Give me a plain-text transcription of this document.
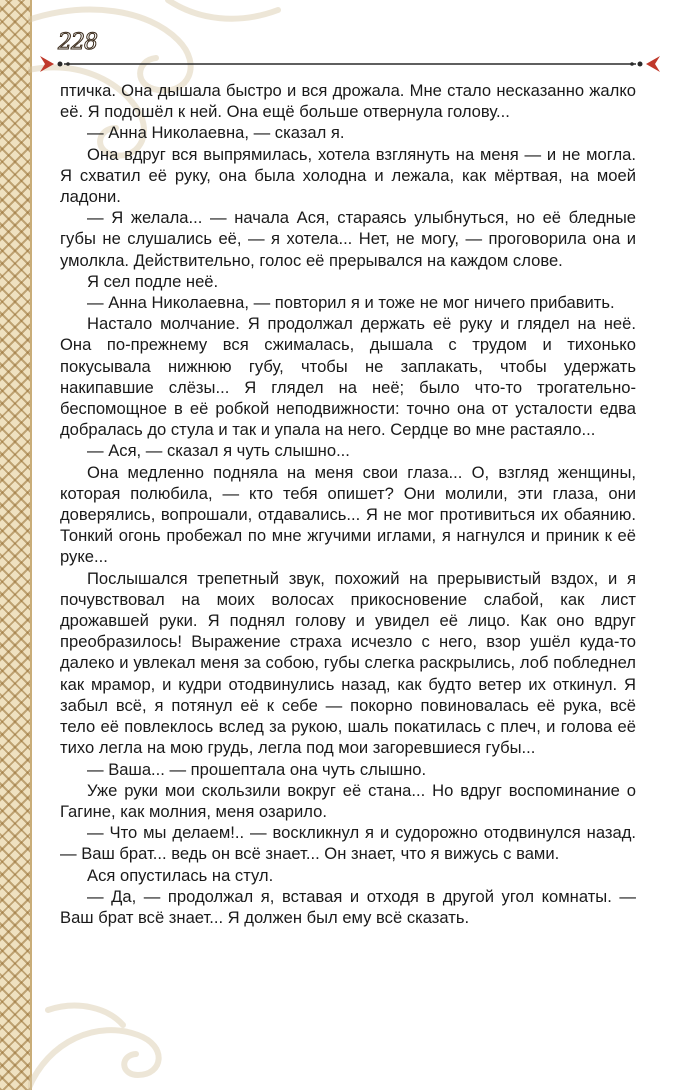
228

птичка. Она дышала быстро и вся дрожала. Мне стало несказанно жалко её. Я подошёл к ней. Она ещё больше отвернула голову...

— Анна Николаевна, — сказал я.

Она вдруг вся выпрямилась, хотела взглянуть на меня — и не могла. Я схватил её руку, она была холодна и лежала, как мёртвая, на моей ладони.

— Я желала... — начала Ася, стараясь улыбнуться, но её бледные губы не слушались её, — я хотела... Нет, не могу, — проговорила она и умолкла. Действительно, голос её прерывался на каждом слове.

Я сел подле неё.

— Анна Николаевна, — повторил я и тоже не мог ничего прибавить.

Настало молчание. Я продолжал держать её руку и глядел на неё. Она по-прежнему вся сжималась, дышала с трудом и тихонько покусывала нижнюю губу, чтобы не заплакать, чтобы удержать накипавшие слёзы... Я глядел на неё; было что-то трогательно-беспомощное в её робкой неподвижности: точно она от усталости едва добралась до стула и так и упала на него. Сердце во мне растаяло...

— Ася, — сказал я чуть слышно...

Она медленно подняла на меня свои глаза... О, взгляд женщины, которая полюбила, — кто тебя опишет? Они молили, эти глаза, они доверялись, вопрошали, отдавались... Я не мог противиться их обаянию. Тонкий огонь пробежал по мне жгучими иглами, я нагнулся и приник к её руке...

Послышался трепетный звук, похожий на прерывистый вздох, и я почувствовал на моих волосах прикосновение слабой, как лист дрожавшей руки. Я поднял голову и увидел её лицо. Как оно вдруг преобразилось! Выражение страха исчезло с него, взор ушёл куда-то далеко и увлекал меня за собою, губы слегка раскрылись, лоб побледнел как мрамор, и кудри отодвинулись назад, как будто ветер их откинул. Я забыл всё, я потянул её к себе — покорно повиновалась её рука, всё тело её повлеклось вслед за рукою, шаль покатилась с плеч, и голова её тихо легла на мою грудь, легла под мои загоревшиеся губы...

— Ваша... — прошептала она чуть слышно.

Уже руки мои скользили вокруг её стана... Но вдруг воспоминание о Гагине, как молния, меня озарило.

— Что мы делаем!.. — воскликнул я и судорожно отодвинулся назад. — Ваш брат... ведь он всё знает... Он знает, что я вижусь с вами.

Ася опустилась на стул.

— Да, — продолжал я, вставая и отходя в другой угол комнаты. — Ваш брат всё знает... Я должен был ему всё сказать.
